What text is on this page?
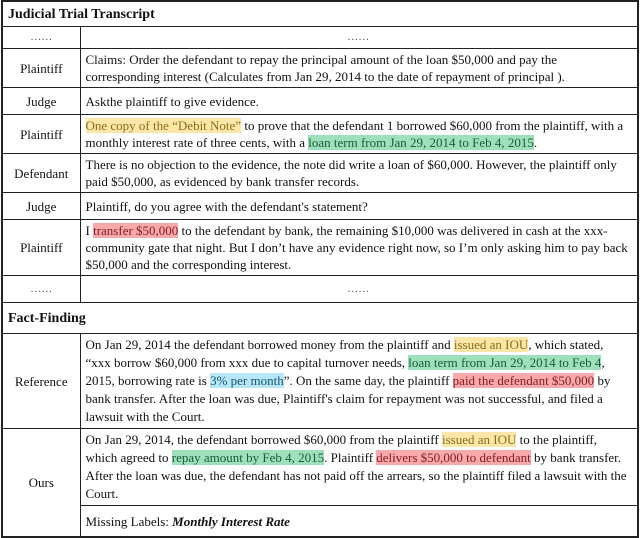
Judicial Trial Transcript	
……	……
Plaintiff	Claims: Order the defendant to repay the principal amount of the loan $50,000 and pay the corresponding interest (Calculates from Jan 29, 2014 to the date of repayment of principal ).
Judge	Askthe plaintiff to give evidence.
Plaintiff	One copy of the “Debit Note” to prove that the defendant 1 borrowed $60,000 from the plaintiff, with a monthly interest rate of three cents, with a loan term from Jan 29, 2014 to Feb 4, 2015.
Defendant	There is no objection to the evidence, the note did write a loan of $60,000. However, the plaintiff only paid $50,000, as evidenced by bank transfer records.
Judge	Plaintiff, do you agree with the defendant's statement?
Plaintiff	I transfer $50,000 to the defendant by bank, the remaining $10,000 was delivered in cash at the xxx-community gate that night. But I don’t have any evidence right now, so I’m only asking him to pay back $50,000 and the corresponding interest.
……	……
Fact-Finding	
Reference	On Jan 29, 2014 the defendant borrowed money from the plaintiff and issued an IOU, which stated, “xxx borrow $60,000 from xxx due to capital turnover needs, loan term from Jan 29, 2014 to Feb 4, 2015, borrowing rate is 3% per month”. On the same day, the plaintiff paid the defendant $50,000 by bank transfer. After the loan was due, Plaintiff's claim for repayment was not successful, and filed a lawsuit with the Court.
Ours	On Jan 29, 2014, the defendant borrowed $60,000 from the plaintiff issued an IOU to the plaintiff, which agreed to repay amount by Feb 4, 2015. Plaintiff delivers $50,000 to defendant by bank transfer. After the loan was due, the defendant has not paid off the arrears, so the plaintiff filed a lawsuit with the Court.
	Missing Labels: Monthly Interest Rate
